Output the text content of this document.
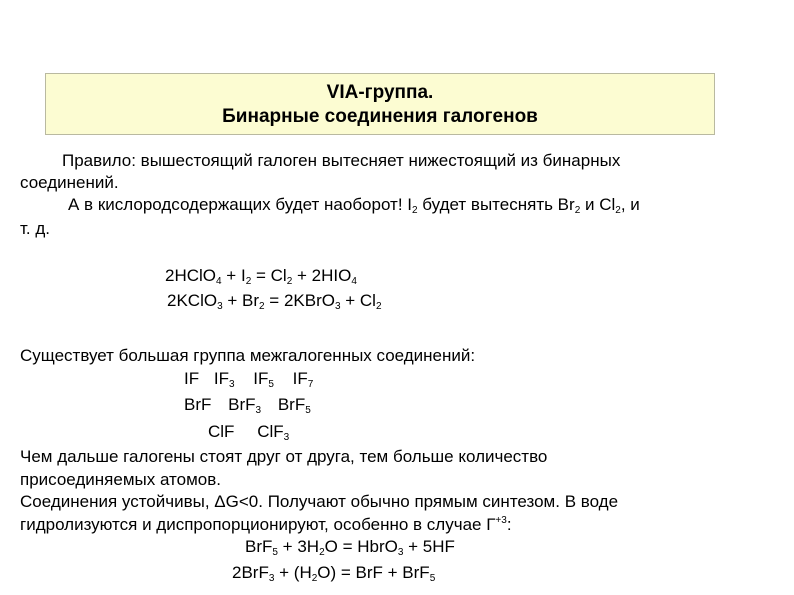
VIA-группа.
Бинарные соединения галогенов
Правило: вышестоящий галоген вытесняет нижестоящий из бинарных
соединений.
А в кислородсодержащих будет наоборот! $I_2$ будет вытеснять $Br_2$ и $Cl_2$, и
т. д.
2HClO$_4$ + $I_2 = Cl_2 + 2HIO_4$
2KClO$_3$ + $Br_2$ = 2KBrO$_3$ + $Cl_2$
Существует большая группа межгалогенных соединений:
IF $IF_3$ $IF_5$ $IF_7$
BrF BrF$_3$ BrF$_5$
ClF ClF$_3$
Чем дальше галогены стоят друг от друга, тем больше количество
присоединяемых атомов.
Соединения устойчивы, ΔG<0. Получают обычно прямым синтезом. В воде
гидролизуются и диспропорционируют, особенно в случае $Г^{+3}$:
$BrF_5 + 3H_2O$ = HbrO$_3$ + 5HF
$2BrF_3 + (H_2O)$ = BrF + BrF$_5$
